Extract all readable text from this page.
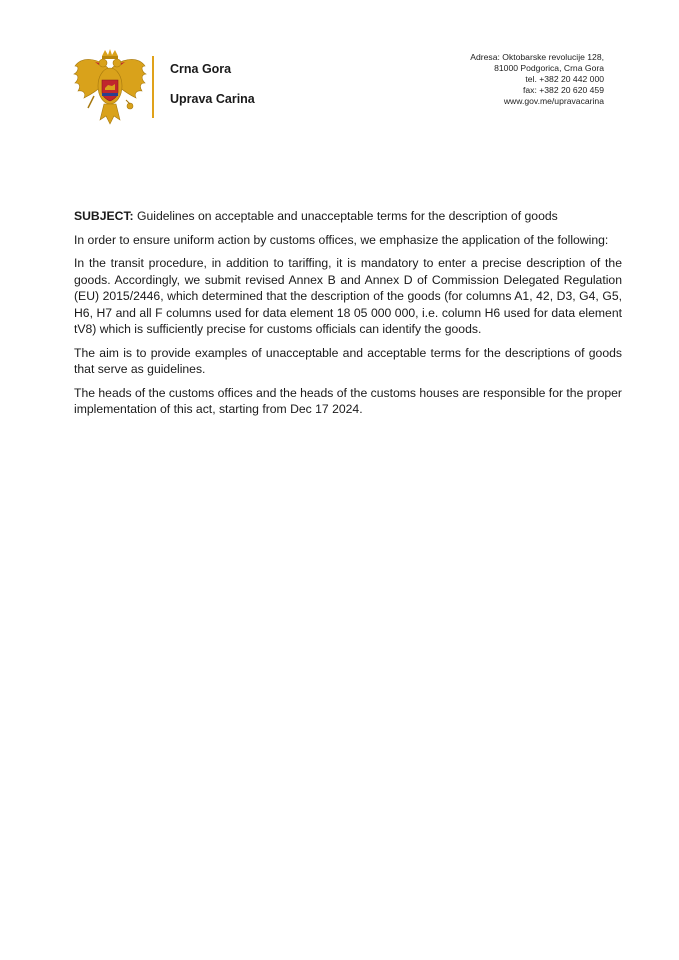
Crna Gora
Uprava Carina
Adresa: Oktobarske revolucije 128,
81000 Podgorica, Crna Gora
tel. +382 20 442 000
fax: +382 20 620 459
www.gov.me/upravacarina

SUBJECT: Guidelines on acceptable and unacceptable terms for the description of goods

In order to ensure uniform action by customs offices, we emphasize the application of the following:

In the transit procedure, in addition to tariffing, it is mandatory to enter a precise description of the goods. Accordingly, we submit revised Annex B and Annex D of Commission Delegated Regulation (EU) 2015/2446, which determined that the description of the goods (for columns A1, 42, D3, G4, G5, H6, H7 and all F columns used for data element 18 05 000 000, i.e. column H6 used for data element tV8) which is sufficiently precise for customs officials can identify the goods.

The aim is to provide examples of unacceptable and acceptable terms for the descriptions of goods that serve as guidelines.

The heads of the customs offices and the heads of the customs houses are responsible for the proper implementation of this act, starting from Dec 17 2024.
